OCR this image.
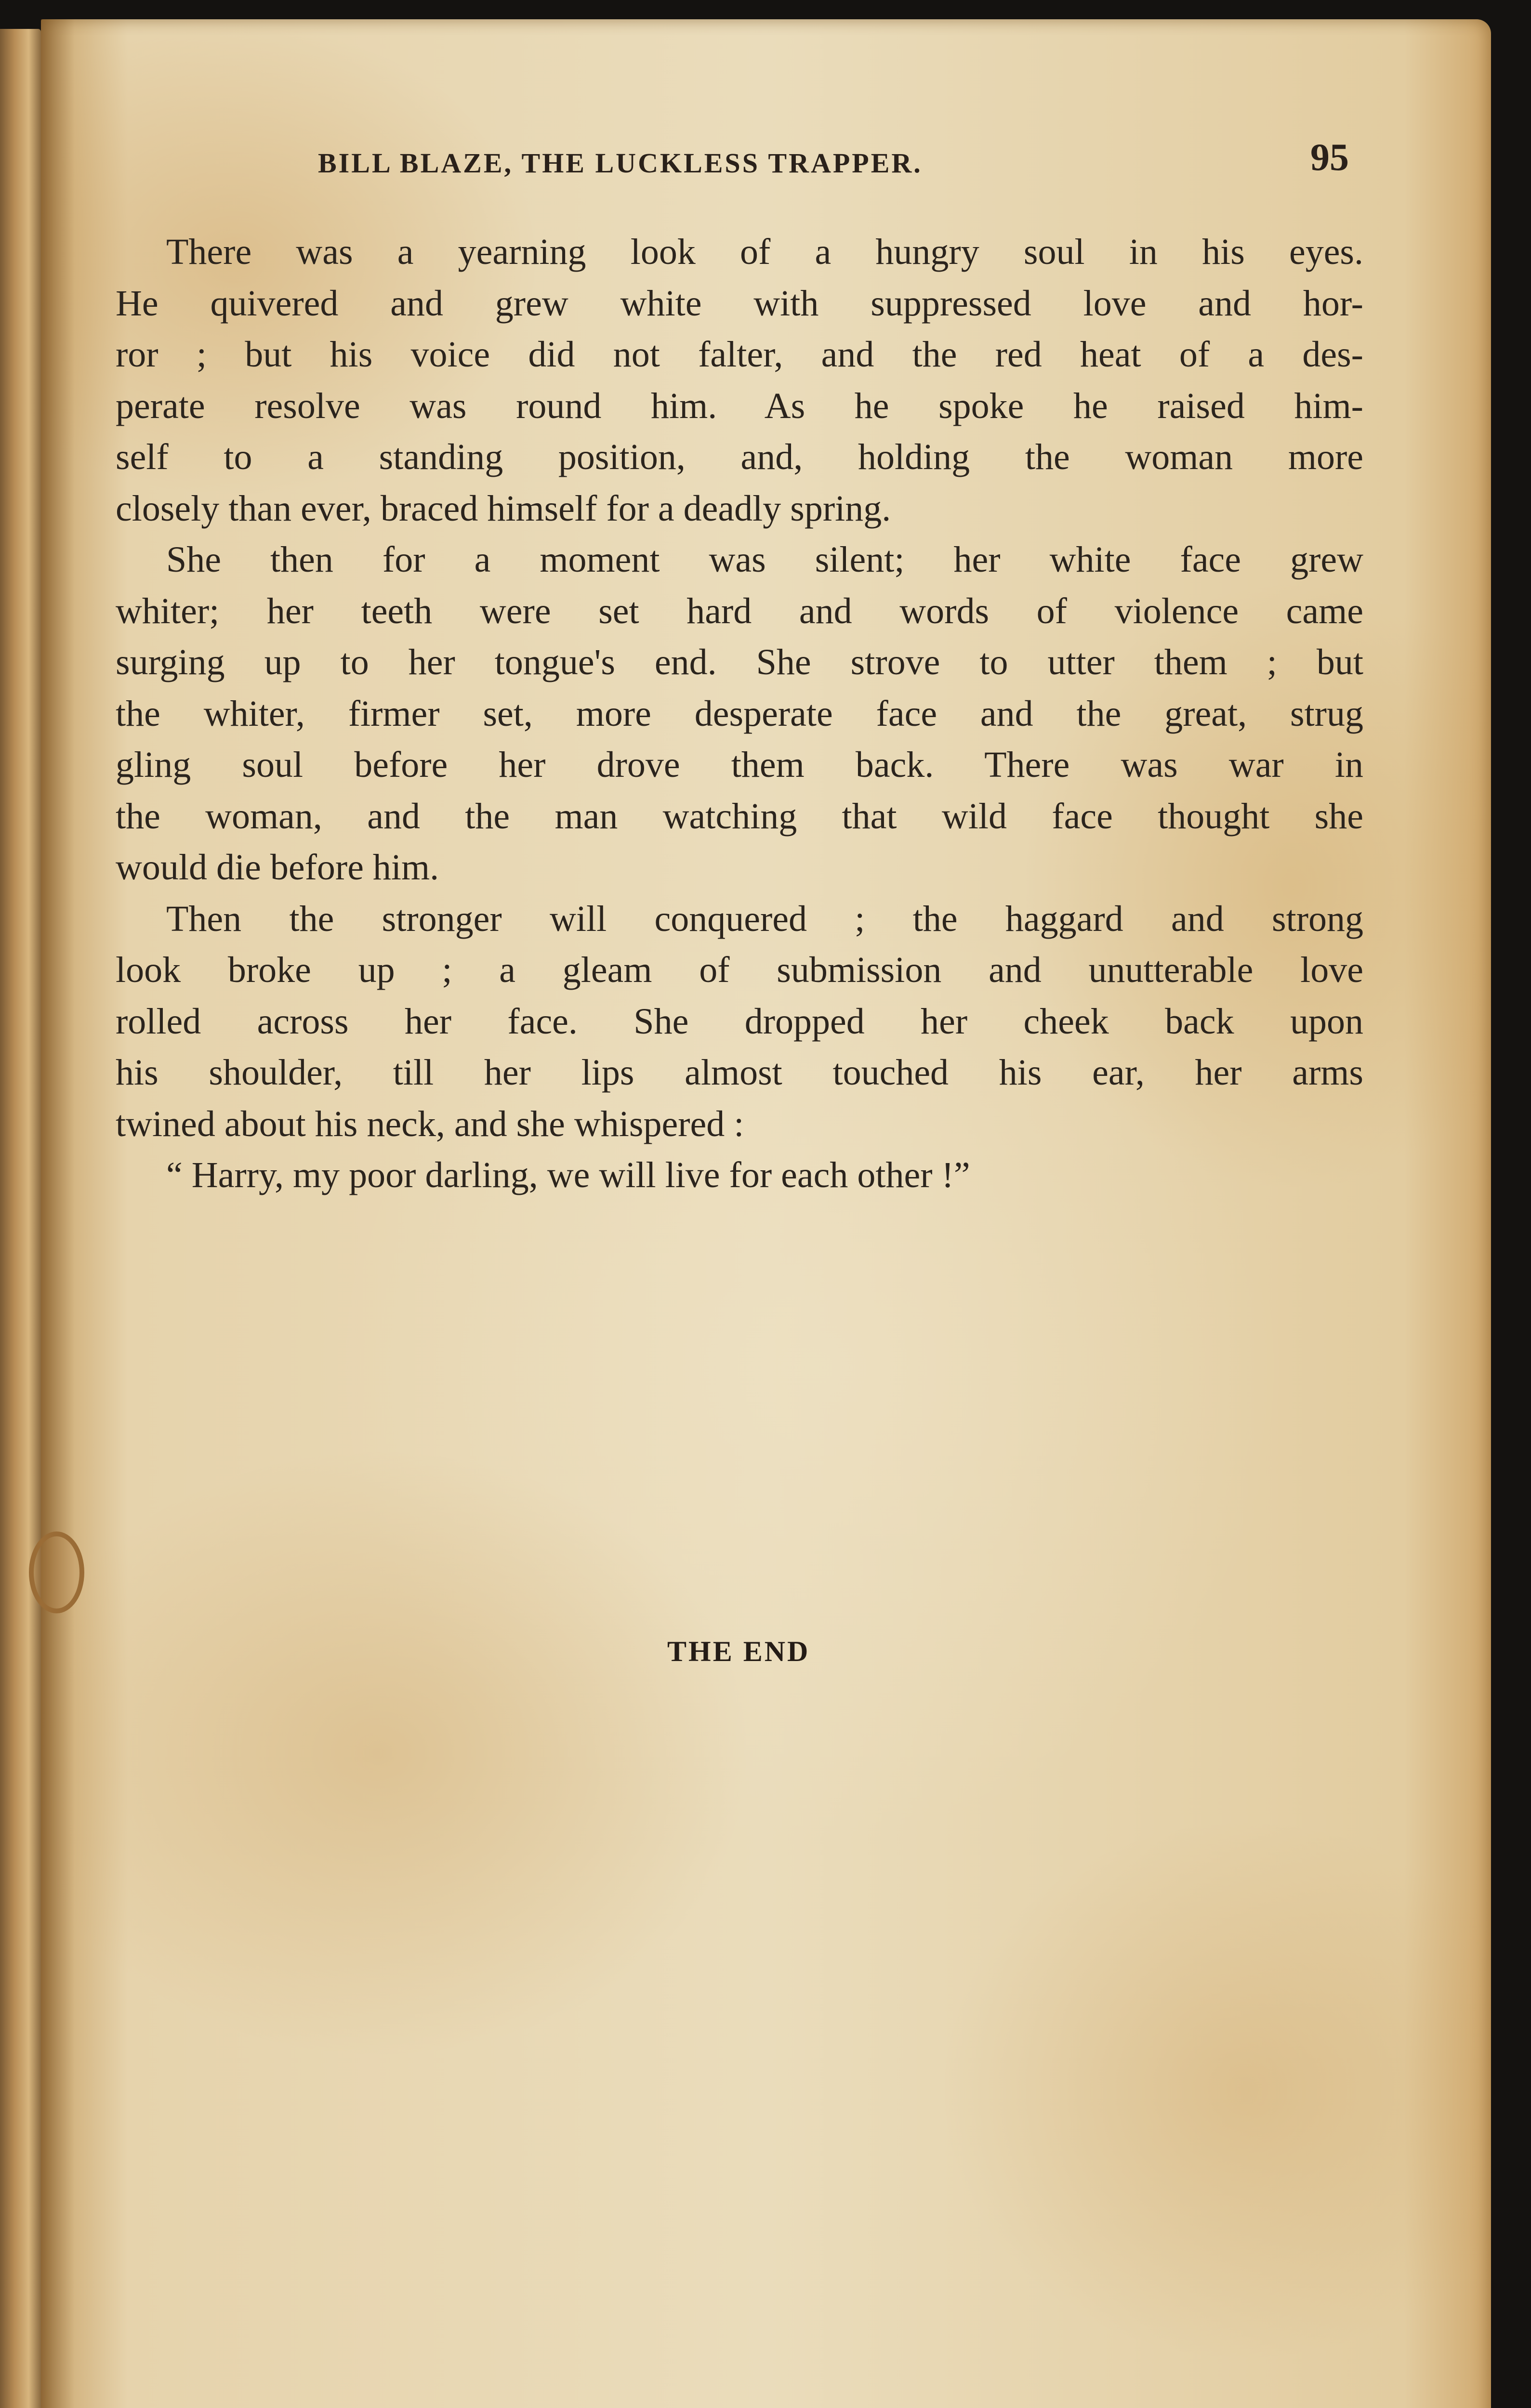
BILL BLAZE, THE LUCKLESS TRAPPER.	95
There was a yearning look of a hungry soul in his eyes.
He quivered and grew white with suppressed love and hor-
ror ; but his voice did not falter, and the red heat of a des-
perate resolve was round him. As he spoke he raised him-
self to a standing position, and, holding the woman more
closely than ever, braced himself for a deadly spring.
She then for a moment was silent; her white face grew
whiter; her teeth were set hard and words of violence came
surging up to her tongue's end. She strove to utter them ; but
the whiter, firmer set, more desperate face and the great, strug
gling soul before her drove them back. There was war in
the woman, and the man watching that wild face thought she
would die before him.
Then the stronger will conquered ; the haggard and strong
look broke up ; a gleam of submission and unutterable love
rolled across her face. She dropped her cheek back upon
his shoulder, till her lips almost touched his ear, her arms
twined about his neck, and she whispered :
“ Harry, my poor darling, we will live for each other !”
THE END
